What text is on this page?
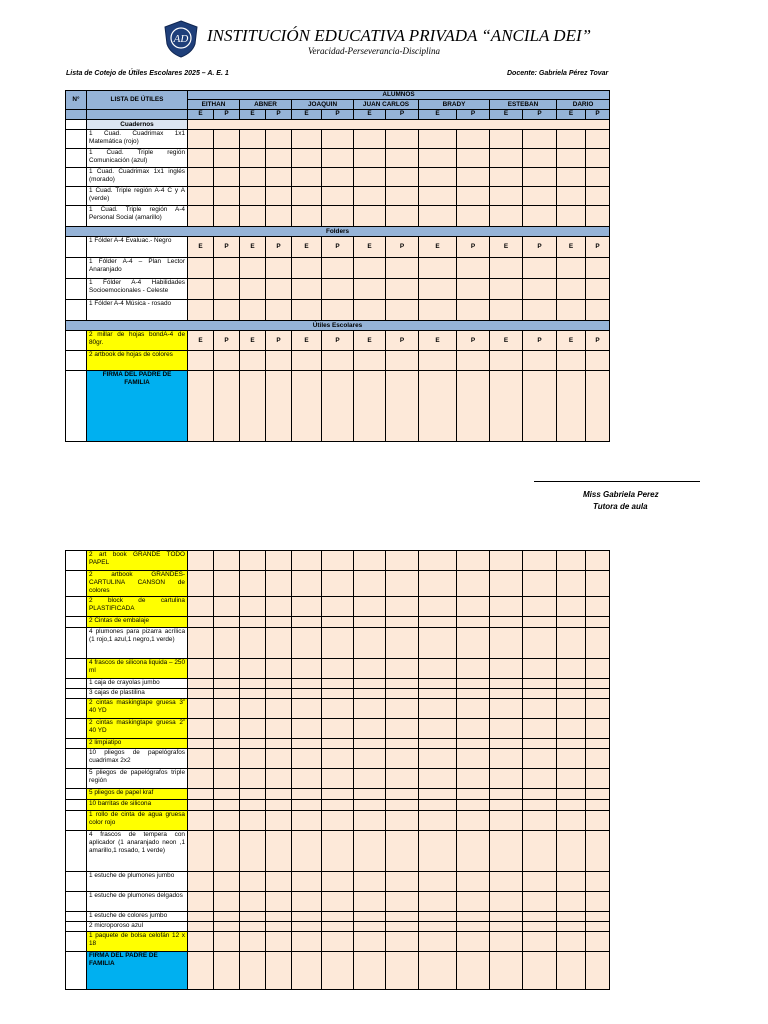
AD INSTITUCIÓN EDUCATIVA PRIVADA “ANCILA DEI”
Veracidad-Perseverancia-Disciplina
Lista de Cotejo de Útiles Escolares 2025 – A. E. 1	Docente: Gabriela Pérez Tovar
N°	LISTA DE ÚTILES	ALUMNOS													
		EITHAN		ABNER		JOAQUIN		JUAN CARLOS		BRADY		ESTEBAN		DARIO	
		E	P	E	P	E	P	E	P	E	P	E	P	E	P
	Cuadernos														
	1 Cuad. Cuadrimax 1x1 Matemática (rojo)														
	1 Cuad. Triple región Comunicación (azul)														
	1 Cuad. Cuadrimax 1x1 inglés (morado)														
	1 Cuad. Triple región A-4 C y A (verde)														
	1 Cuad. Triple región A-4 Personal Social (amarillo)														
Folders															
	1 Fólder A-4 Evaluac.- Negro	E	P	E	P	E	P	E	P	E	P	E	P	E	P
	1 Fólder A-4 – Plan Lector Anaranjado														
	1 Fólder A-4 Habilidades Socioemocionales - Celeste														
	1 Fólder A-4 Música - rosado														
Útiles Escolares															
	2 millar de hojas bondA-4 de 80gr.	E	P	E	P	E	P	E	P	E	P	E	P	E	P
	2 artbook de hojas de colores														
	FIRMA DEL PADRE DE FAMILIA														
Miss Gabriela Perez
Tutora de aula
	2 art book GRANDE TODO PAPEL														
	2 artbook GRANDES-CARTULINA CANSON de colores														
	2 block de cartulina PLASTIFICADA														
	2 Cintas de embalaje														
	4 plumones para pizarra acrílica (1 rojo,1 azul,1 negro,1 verde)														
	4 frascos de silicona liquida – 250 ml														
	1 caja de crayolas jumbo														
	3 cajas de plastilina														
	2 cintas maskingtape gruesa 3” 40 YD														
	2 cintas maskingtape gruesa 2” 40 YD														
	2 limpiatipo														
	10 pliegos de papelógrafos cuadrimax 2x2														
	5 pliegos de papelógrafos triple región														
	5 pliegos de papel kraf														
	10 barritas de silicona														
	1 rollo de cinta de agua gruesa color rojo														
	4 frascos de tempera con aplicador (1 anaranjado neon ,1 amarillo,1 rosado, 1 verde)														
	1 estuche de plumones jumbo														
	1 estuche de plumones delgados														
	1 estuche de colores jumbo														
	2 microporoso azul														
	1 paquete de bolsa celofán 12 x 18														
	FIRMA DEL PADRE DE FAMILIA														
